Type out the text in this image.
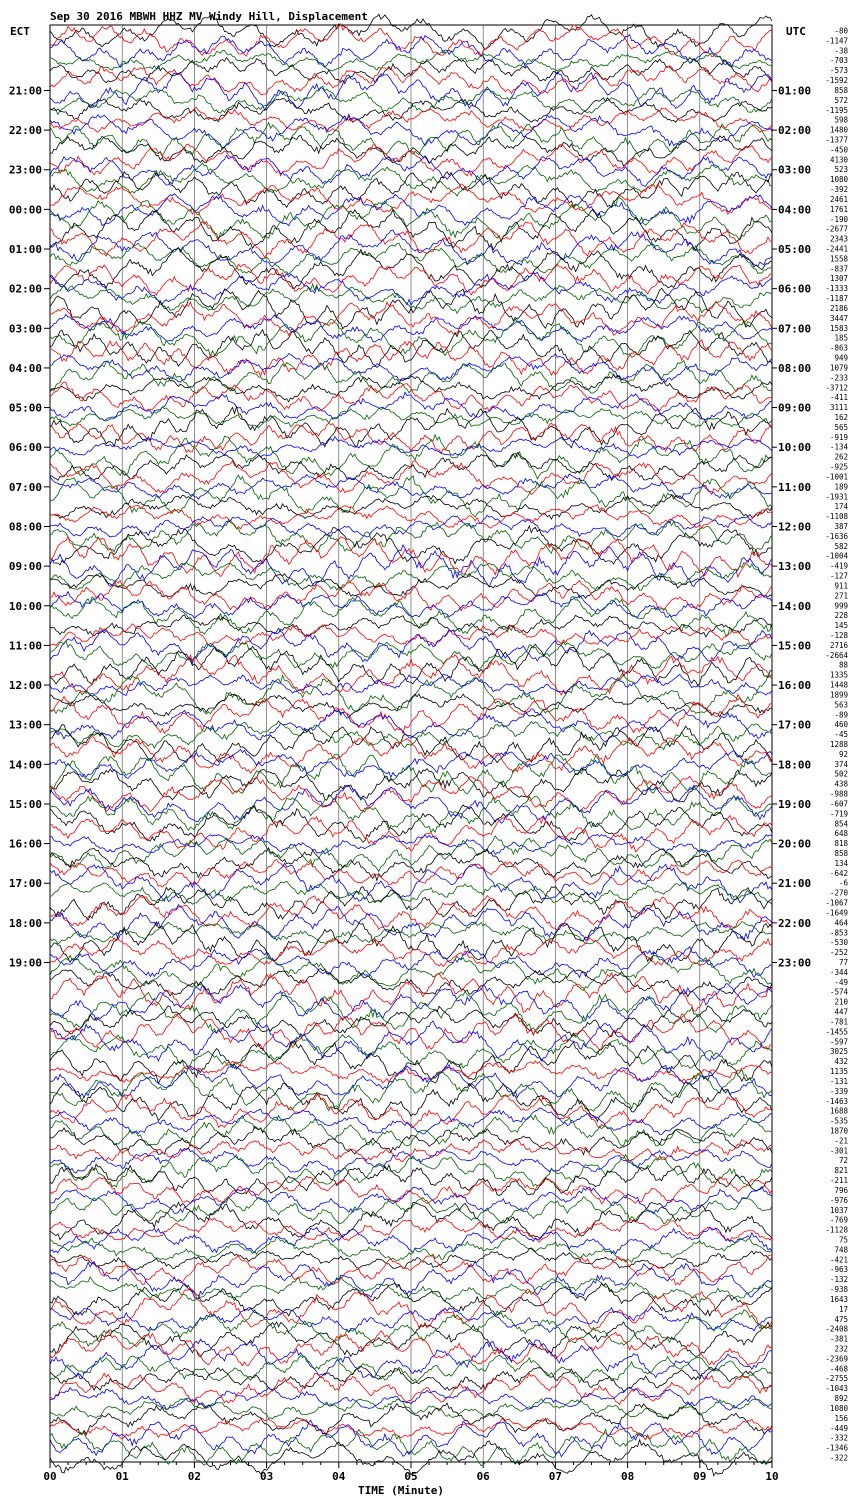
Sep 30 2016 MBWH HHZ MV Windy Hill, Displacement
ECT	UTC
00	01	02	03	04	05	06	07	08	09	10
TIME (Minute)
21:00
22:00
23:00
00:00
01:00
02:00
03:00
04:00
05:00
06:00
07:00
08:00
09:00
10:00
11:00
12:00
13:00
14:00
15:00
16:00
17:00
18:00
19:00
01:00
02:00
03:00
04:00
05:00
06:00
07:00
08:00
09:00
10:00
11:00
12:00
13:00
14:00
15:00
16:00
17:00
18:00
19:00
20:00
21:00
22:00
23:00
-80
-1147
-38
-703
-573
-1592
858
572
-1195
598
1480
-1377
-450
4130
523
1080
-392
2461
1761
-190
-2677
2343
-2441
1558
-837
1307
-1333
-1187
2186
3447
1583
185
-863
949
1079
-233
-3712
-411
3111
162
565
-919
-134
262
-925
-1001
189
-1931
174
-1108
387
-1636
582
-1004
-419
-127
911
271
999
228
145
-128
2716
-2664
88
1335
1448
1899
563
-89
460
-45
1288
92
374
502
438
-988
-607
-719
854
648
818
858
134
-642
-6
-270
-1067
-1649
464
-853
-530
-252
77
-344
-49
-574
210
447
-781
-1455
-597
3025
432
1135
-131
-339
-1463
1688
-535
1870
-21
-301
72
821
-211
796
-976
1037
-769
-1128
75
748
-421
-963
-132
-938
1643
17
475
-2408
-381
232
-2369
-468
-2755
-1043
892
1080
156
-449
-332
-1346
-322
